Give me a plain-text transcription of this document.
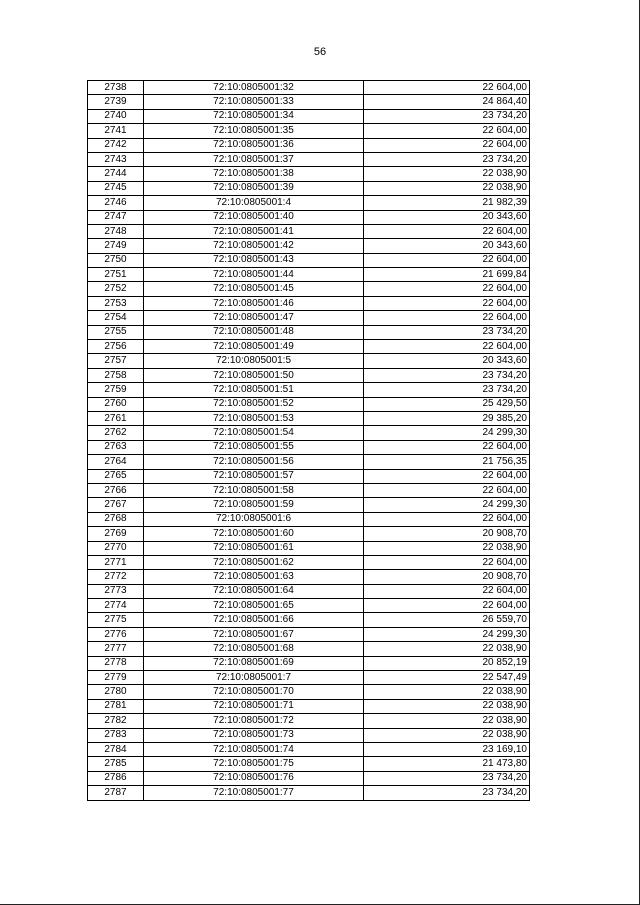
56
2738	72:10:0805001:32	22 604,00
2739	72:10:0805001:33	24 864,40
2740	72:10:0805001:34	23 734,20
2741	72:10:0805001:35	22 604,00
2742	72:10:0805001:36	22 604,00
2743	72:10:0805001:37	23 734,20
2744	72:10:0805001:38	22 038,90
2745	72:10:0805001:39	22 038,90
2746	72:10:0805001:4	21 982,39
2747	72:10:0805001:40	20 343,60
2748	72:10:0805001:41	22 604,00
2749	72:10:0805001:42	20 343,60
2750	72:10:0805001:43	22 604,00
2751	72:10:0805001:44	21 699,84
2752	72:10:0805001:45	22 604,00
2753	72:10:0805001:46	22 604,00
2754	72:10:0805001:47	22 604,00
2755	72:10:0805001:48	23 734,20
2756	72:10:0805001:49	22 604,00
2757	72:10:0805001:5	20 343,60
2758	72:10:0805001:50	23 734,20
2759	72:10:0805001:51	23 734,20
2760	72:10:0805001:52	25 429,50
2761	72:10:0805001:53	29 385,20
2762	72:10:0805001:54	24 299,30
2763	72:10:0805001:55	22 604,00
2764	72:10:0805001:56	21 756,35
2765	72:10:0805001:57	22 604,00
2766	72:10:0805001:58	22 604,00
2767	72:10:0805001:59	24 299,30
2768	72:10:0805001:6	22 604,00
2769	72:10:0805001:60	20 908,70
2770	72:10:0805001:61	22 038,90
2771	72:10:0805001:62	22 604,00
2772	72:10:0805001:63	20 908,70
2773	72:10:0805001:64	22 604,00
2774	72:10:0805001:65	22 604,00
2775	72:10:0805001:66	26 559,70
2776	72:10:0805001:67	24 299,30
2777	72:10:0805001:68	22 038,90
2778	72:10:0805001:69	20 852,19
2779	72:10:0805001:7	22 547,49
2780	72:10:0805001:70	22 038,90
2781	72:10:0805001:71	22 038,90
2782	72:10:0805001:72	22 038,90
2783	72:10:0805001:73	22 038,90
2784	72:10:0805001:74	23 169,10
2785	72:10:0805001:75	21 473,80
2786	72:10:0805001:76	23 734,20
2787	72:10:0805001:77	23 734,20
